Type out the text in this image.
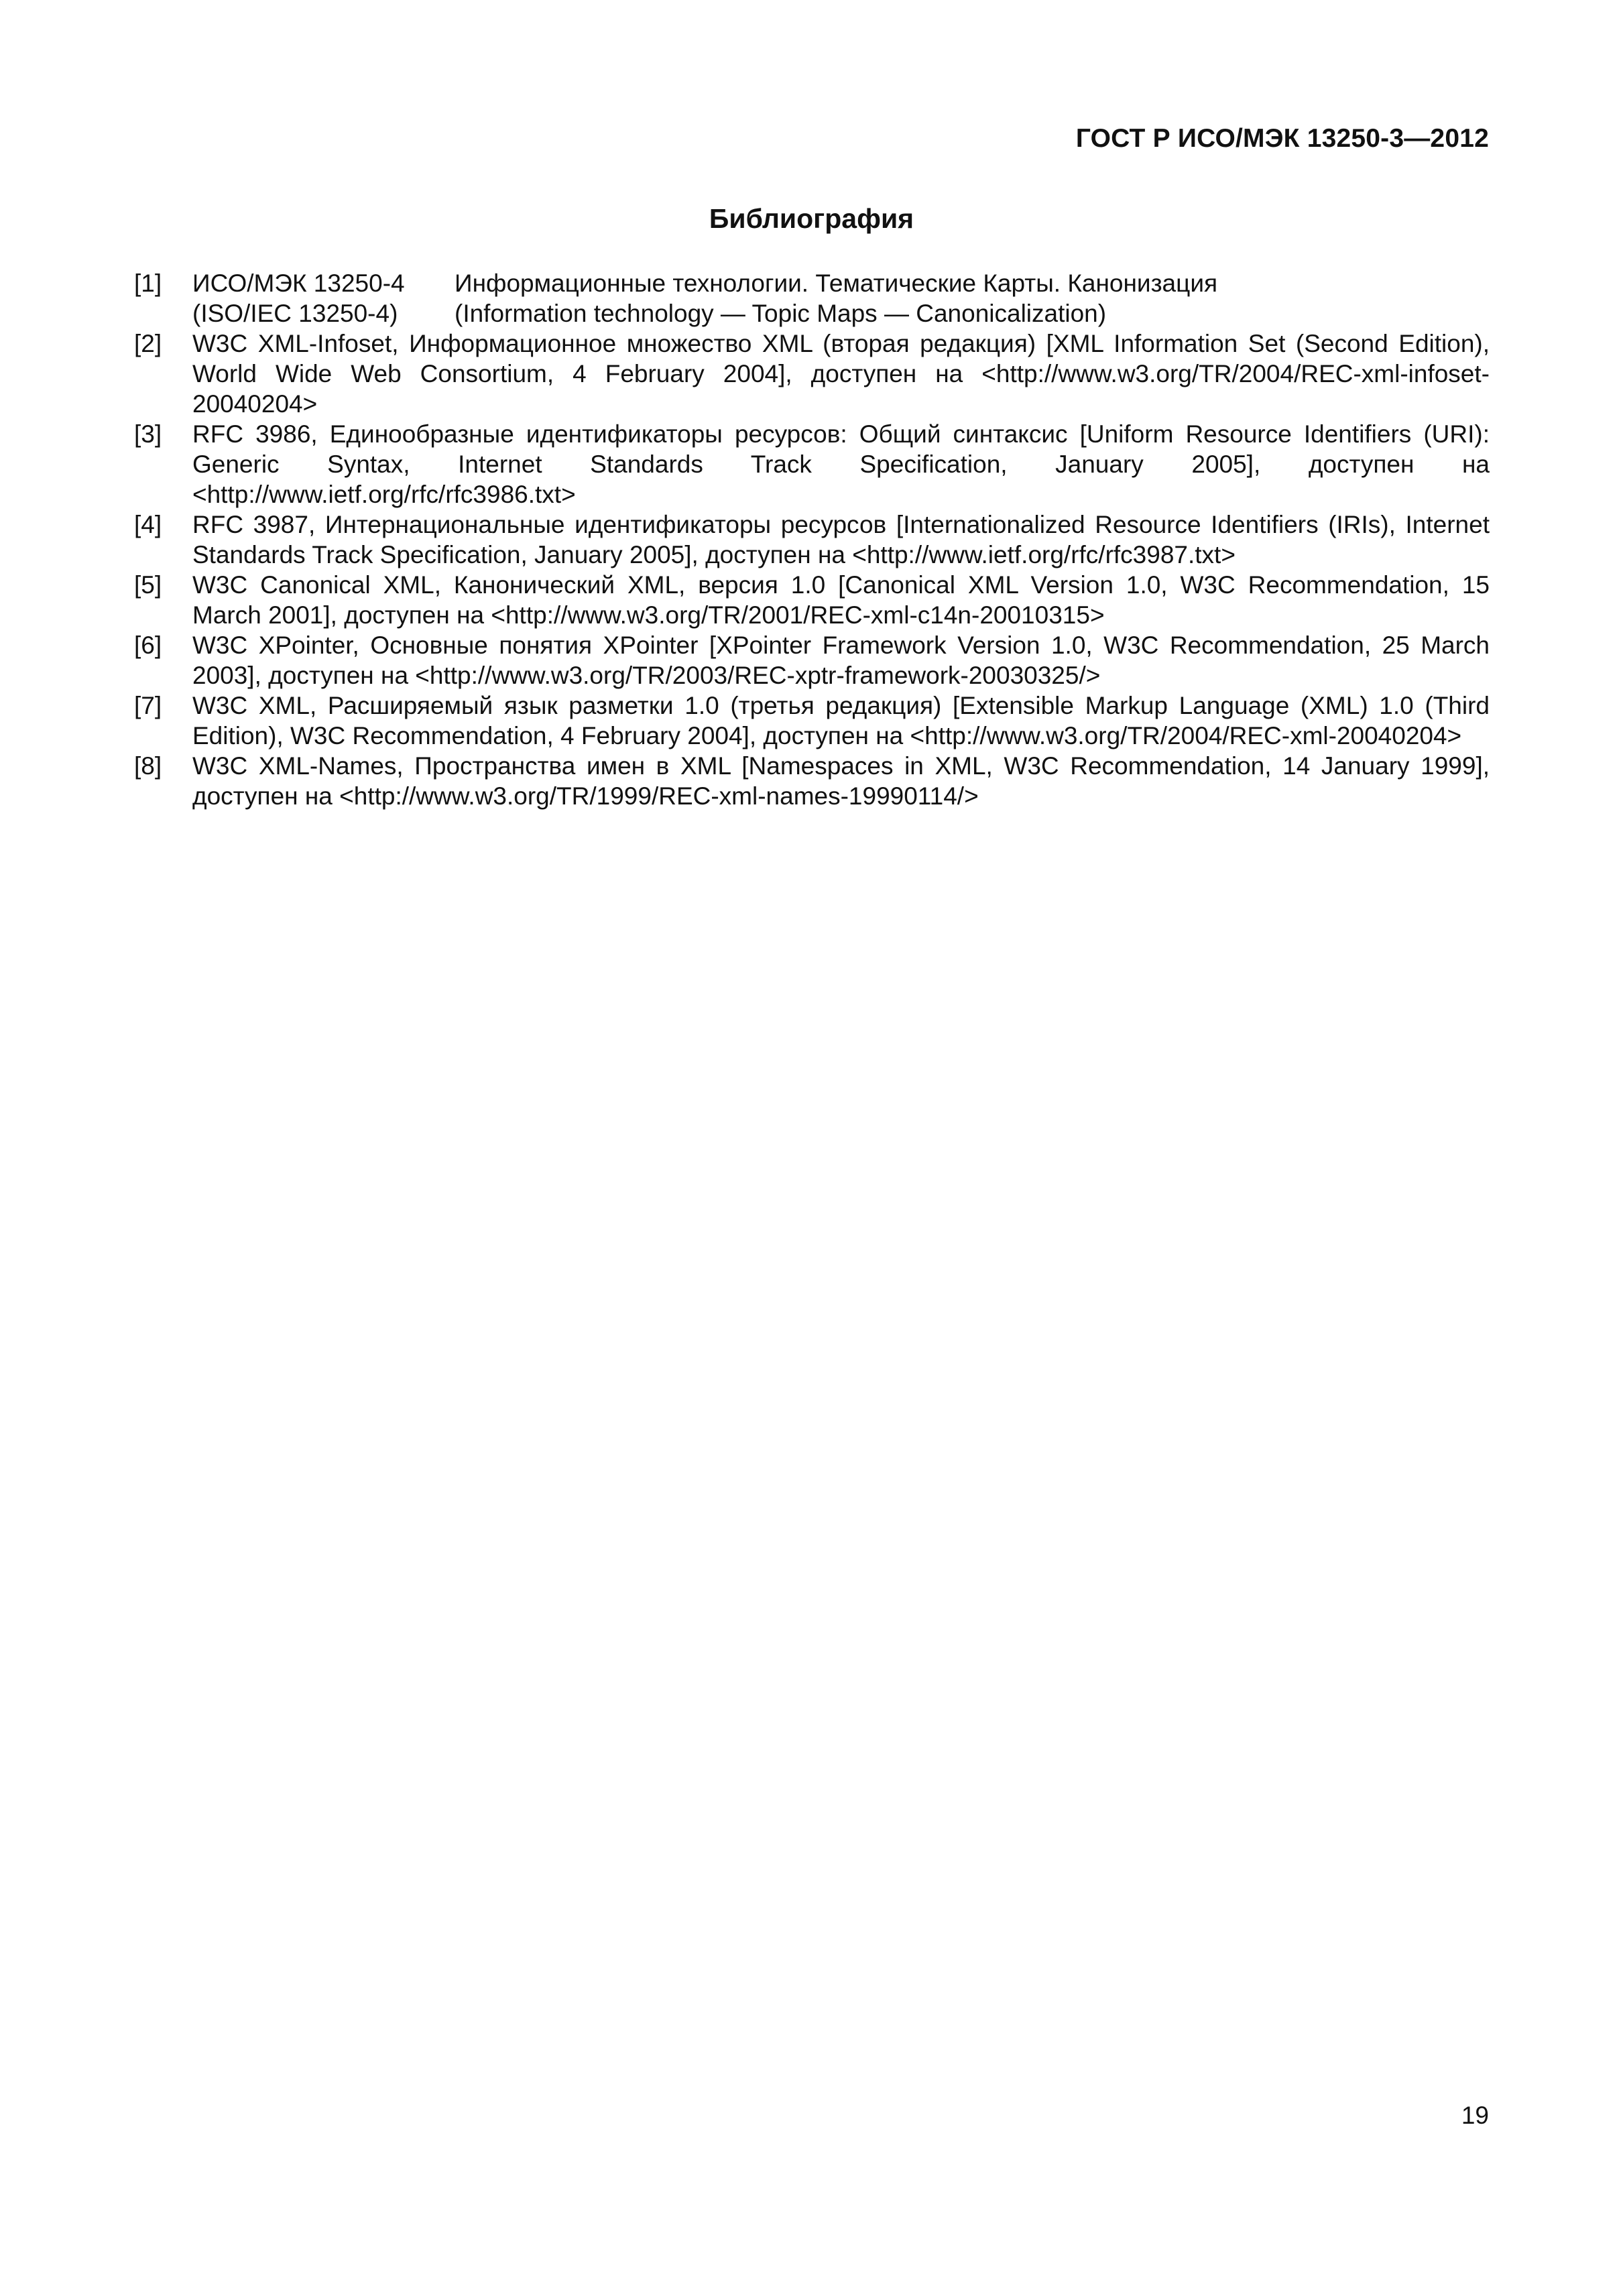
ГОСТ Р ИСО/МЭК 13250-3—2012
Библиография
[1]	ИСО/МЭК 13250-4	Информационные технологии. Тематические Карты. Канонизация
(ISO/IEC 13250-4)	(Information technology — Topic Maps — Canonicalization)
[2]	W3C XML-Infoset, Информационное множество XML (вторая редакция) [XML Information Set (Second Edition), World Wide Web Consortium, 4 February 2004], доступен на <http://www.w3.org/TR/2004/REC-xml-infoset-20040204>
[3]	RFC 3986, Единообразные идентификаторы ресурсов: Общий синтаксис [Uniform Resource Identifiers (URI): Generic Syntax, Internet Standards Track Specification, January 2005], доступен на <http://www.ietf.org/rfc/rfc3986.txt>
[4]	RFC 3987, Интернациональные идентификаторы ресурсов [Internationalized Resource Identifiers (IRIs), Internet Standards Track Specification, January 2005], доступен на <http://www.ietf.org/rfc/rfc3987.txt>
[5]	W3C Canonical XML, Канонический XML, версия 1.0 [Canonical XML Version 1.0, W3C Recommendation, 15 March 2001], доступен на <http://www.w3.org/TR/2001/REC-xml-c14n-20010315>
[6]	W3C XPointer, Основные понятия XPointer [XPointer Framework Version 1.0, W3C Recommendation, 25 March 2003], доступен на <http://www.w3.org/TR/2003/REC-xptr-framework-20030325/>
[7]	W3C XML, Расширяемый язык разметки 1.0 (третья редакция) [Extensible Markup Language (XML) 1.0 (Third Edition), W3C Recommendation, 4 February 2004], доступен на <http://www.w3.org/TR/2004/REC-xml-20040204>
[8]	W3C XML-Names, Пространства имен в XML [Namespaces in XML, W3C Recommendation, 14 January 1999], доступен на <http://www.w3.org/TR/1999/REC-xml-names-19990114/>
19
